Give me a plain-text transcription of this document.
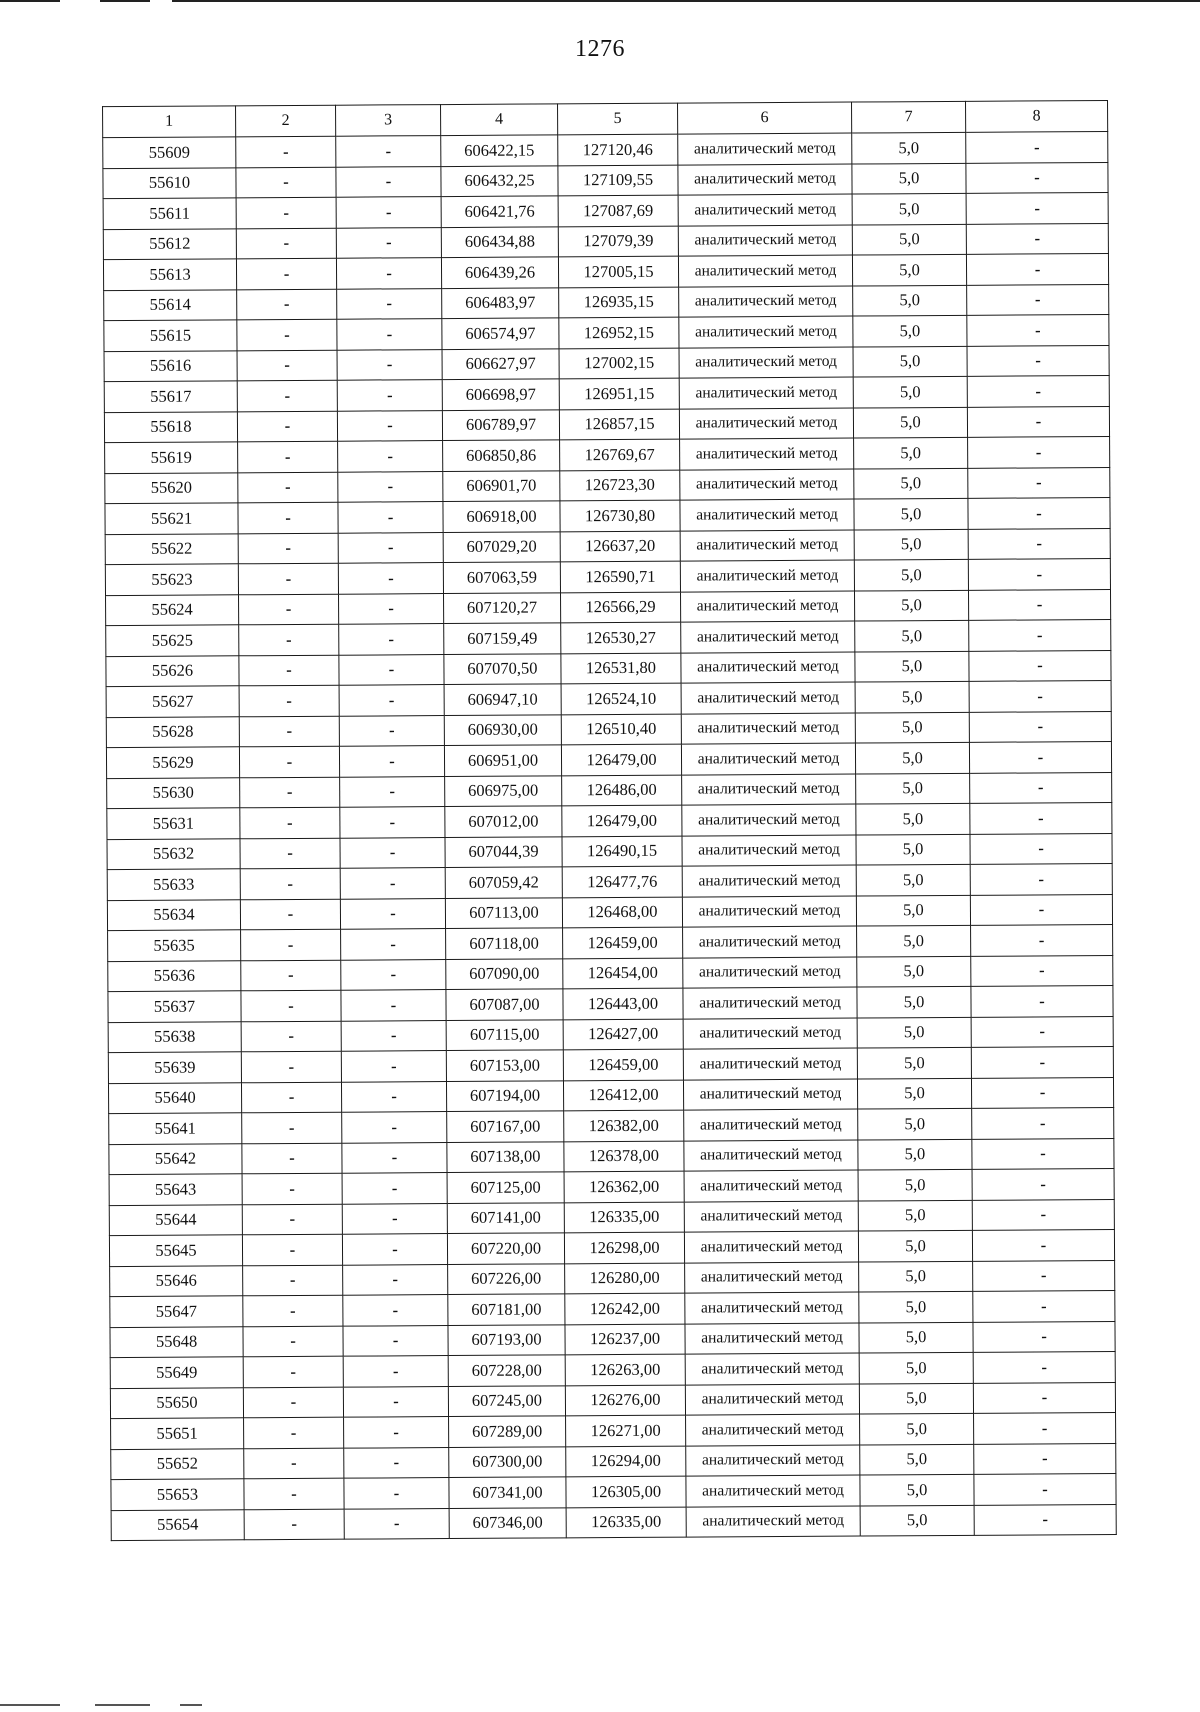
1276
1	2	3	4	5	6	7	8
55609	-	-	606422,15	127120,46	аналитический метод	5,0	-
55610	-	-	606432,25	127109,55	аналитический метод	5,0	-
55611	-	-	606421,76	127087,69	аналитический метод	5,0	-
55612	-	-	606434,88	127079,39	аналитический метод	5,0	-
55613	-	-	606439,26	127005,15	аналитический метод	5,0	-
55614	-	-	606483,97	126935,15	аналитический метод	5,0	-
55615	-	-	606574,97	126952,15	аналитический метод	5,0	-
55616	-	-	606627,97	127002,15	аналитический метод	5,0	-
55617	-	-	606698,97	126951,15	аналитический метод	5,0	-
55618	-	-	606789,97	126857,15	аналитический метод	5,0	-
55619	-	-	606850,86	126769,67	аналитический метод	5,0	-
55620	-	-	606901,70	126723,30	аналитический метод	5,0	-
55621	-	-	606918,00	126730,80	аналитический метод	5,0	-
55622	-	-	607029,20	126637,20	аналитический метод	5,0	-
55623	-	-	607063,59	126590,71	аналитический метод	5,0	-
55624	-	-	607120,27	126566,29	аналитический метод	5,0	-
55625	-	-	607159,49	126530,27	аналитический метод	5,0	-
55626	-	-	607070,50	126531,80	аналитический метод	5,0	-
55627	-	-	606947,10	126524,10	аналитический метод	5,0	-
55628	-	-	606930,00	126510,40	аналитический метод	5,0	-
55629	-	-	606951,00	126479,00	аналитический метод	5,0	-
55630	-	-	606975,00	126486,00	аналитический метод	5,0	-
55631	-	-	607012,00	126479,00	аналитический метод	5,0	-
55632	-	-	607044,39	126490,15	аналитический метод	5,0	-
55633	-	-	607059,42	126477,76	аналитический метод	5,0	-
55634	-	-	607113,00	126468,00	аналитический метод	5,0	-
55635	-	-	607118,00	126459,00	аналитический метод	5,0	-
55636	-	-	607090,00	126454,00	аналитический метод	5,0	-
55637	-	-	607087,00	126443,00	аналитический метод	5,0	-
55638	-	-	607115,00	126427,00	аналитический метод	5,0	-
55639	-	-	607153,00	126459,00	аналитический метод	5,0	-
55640	-	-	607194,00	126412,00	аналитический метод	5,0	-
55641	-	-	607167,00	126382,00	аналитический метод	5,0	-
55642	-	-	607138,00	126378,00	аналитический метод	5,0	-
55643	-	-	607125,00	126362,00	аналитический метод	5,0	-
55644	-	-	607141,00	126335,00	аналитический метод	5,0	-
55645	-	-	607220,00	126298,00	аналитический метод	5,0	-
55646	-	-	607226,00	126280,00	аналитический метод	5,0	-
55647	-	-	607181,00	126242,00	аналитический метод	5,0	-
55648	-	-	607193,00	126237,00	аналитический метод	5,0	-
55649	-	-	607228,00	126263,00	аналитический метод	5,0	-
55650	-	-	607245,00	126276,00	аналитический метод	5,0	-
55651	-	-	607289,00	126271,00	аналитический метод	5,0	-
55652	-	-	607300,00	126294,00	аналитический метод	5,0	-
55653	-	-	607341,00	126305,00	аналитический метод	5,0	-
55654	-	-	607346,00	126335,00	аналитический метод	5,0	-
